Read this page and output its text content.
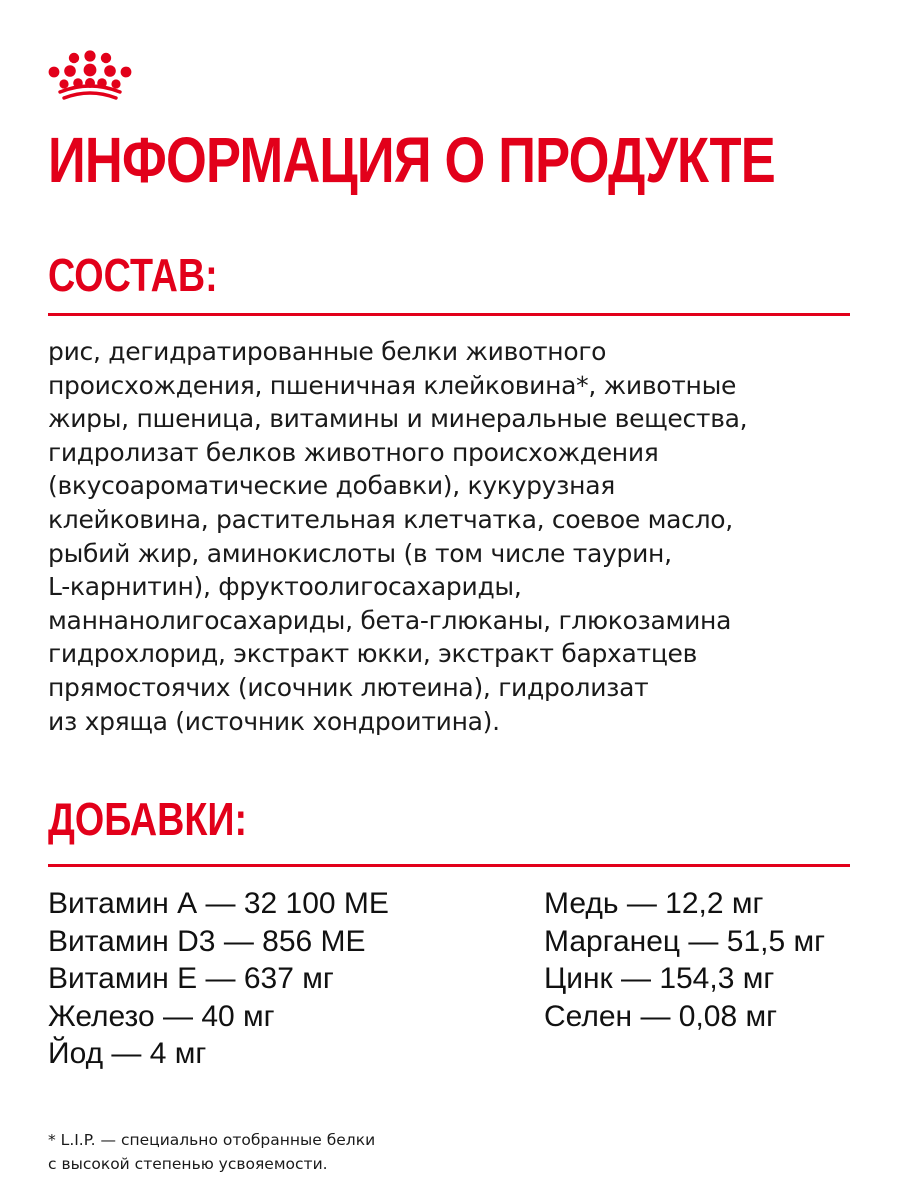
ИНФОРМАЦИЯ О ПРОДУКТЕ
СОСТАВ:
рис, дегидратированные белки животного
происхождения, пшеничная клейковина*, животные
жиры, пшеница, витамины и минеральные вещества,
гидролизат белков животного происхождения
(вкусоароматические добавки), кукурузная
клейковина, растительная клетчатка, соевое масло,
рыбий жир, аминокислоты (в том числе таурин,
L-карнитин), фруктоолигосахариды,
маннанолигосахариды, бета-глюканы, глюкозамина
гидрохлорид, экстракт юкки, экстракт бархатцев
прямостоячих (исочник лютеина), гидролизат
из хряща (источник хондроитина).
ДОБАВКИ:
Витамин А — 32 100 МЕ
Витамин D3 — 856 МЕ
Витамин Е — 637 мг
Железо — 40 мг
Йод — 4 мг
Медь — 12,2 мг
Марганец — 51,5 мг
Цинк — 154,3 мг
Селен — 0,08 мг
* L.I.P. — специально отобранные белки
с высокой степенью усвояемости.
